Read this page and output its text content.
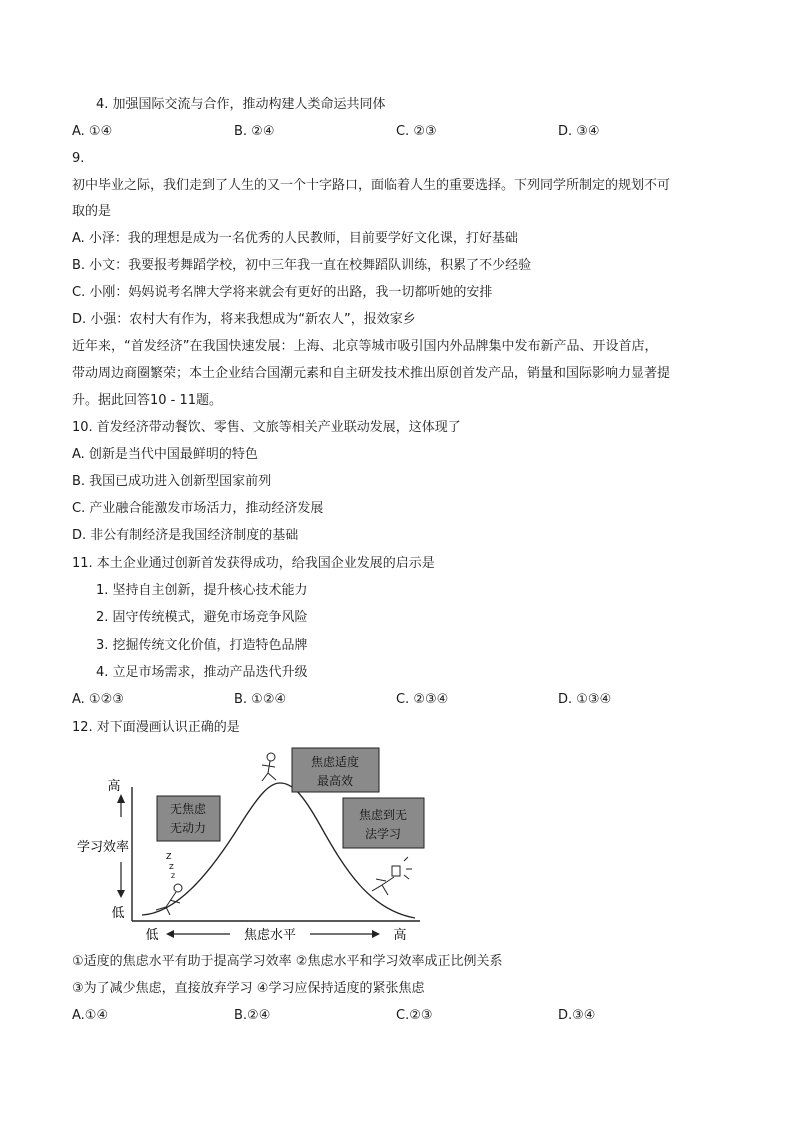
4. 加强国际交流与合作，推动构建人类命运共同体
A. ①④	B. ②④	C. ②③	D. ③④
9.
初中毕业之际，我们走到了人生的又一个十字路口，面临着人生的重要选择。下列同学所制定的规划不可
取的是
A. 小泽：我的理想是成为一名优秀的人民教师，目前要学好文化课，打好基础
B. 小文：我要报考舞蹈学校，初中三年我一直在校舞蹈队训练，积累了不少经验
C. 小刚：妈妈说考名牌大学将来就会有更好的出路，我一切都听她的安排
D. 小强：农村大有作为，将来我想成为“新农人”，报效家乡
近年来，“首发经济”在我国快速发展：上海、北京等城市吸引国内外品牌集中发布新产品、开设首店，
带动周边商圈繁荣；本土企业结合国潮元素和自主研发技术推出原创首发产品，销量和国际影响力显著提
升。据此回答10 - 11题。
10. 首发经济带动餐饮、零售、文旅等相关产业联动发展，这体现了
A. 创新是当代中国最鲜明的特色
B. 我国已成功进入创新型国家前列
C. 产业融合能激发市场活力，推动经济发展
D. 非公有制经济是我国经济制度的基础
11. 本土企业通过创新首发获得成功，给我国企业发展的启示是
1. 坚持自主创新，提升核心技术能力
2. 固守传统模式，避免市场竞争风险
3. 挖掘传统文化价值，打造特色品牌
4. 立足市场需求，推动产品迭代升级
A. ①②③	B. ①②④	C. ②③④	D. ①③④
12. 对下面漫画认识正确的是
高
学习效率
低
Z
Z
Z
无焦虑
无动力
焦虑适度
最高效
焦虑到无
法学习
低	焦虑水平	高
①适度的焦虑水平有助于提高学习效率 ②焦虑水平和学习效率成正比例关系
③为了减少焦虑，直接放弃学习 ④学习应保持适度的紧张焦虑
A.①④	B.②④	C.②③	D.③④
